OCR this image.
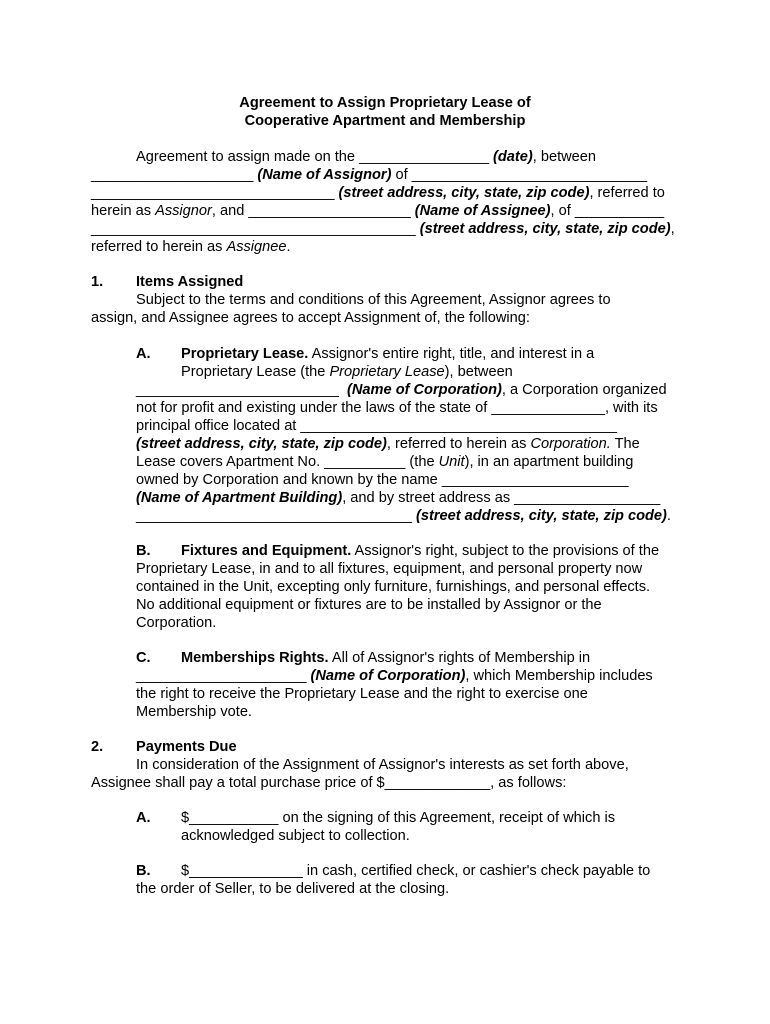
Agreement to Assign Proprietary Lease of
Cooperative Apartment and Membership
Agreement to assign made on the ________________ (date), between
____________________ (Name of Assignor) of _____________________________
______________________________ (street address, city, state, zip code), referred to
herein as Assignor, and ____________________ (Name of Assignee), of ___________
________________________________________ (street address, city, state, zip code),
referred to herein as Assignee.
1. Items Assigned
Subject to the terms and conditions of this Agreement, Assignor agrees to
assign, and Assignee agrees to accept Assignment of, the following:
A. Proprietary Lease. Assignor's entire right, title, and interest in a
Proprietary Lease (the Proprietary Lease), between
_________________________  (Name of Corporation), a Corporation organized
not for profit and existing under the laws of the state of ______________, with its
principal office located at _______________________________________
(street address, city, state, zip code), referred to herein as Corporation. The
Lease covers Apartment No. __________ (the Unit), in an apartment building
owned by Corporation and known by the name _______________________
(Name of Apartment Building), and by street address as __________________
__________________________________ (street address, city, state, zip code).
B. Fixtures and Equipment. Assignor's right, subject to the provisions of the
Proprietary Lease, in and to all fixtures, equipment, and personal property now
contained in the Unit, excepting only furniture, furnishings, and personal effects.
No additional equipment or fixtures are to be installed by Assignor or the
Corporation.
C. Memberships Rights. All of Assignor's rights of Membership in
_____________________ (Name of Corporation), which Membership includes
the right to receive the Proprietary Lease and the right to exercise one
Membership vote.
2. Payments Due
In consideration of the Assignment of Assignor's interests as set forth above,
Assignee shall pay a total purchase price of $_____________, as follows:
A. $___________ on the signing of this Agreement, receipt of which is
acknowledged subject to collection.
B. $______________ in cash, certified check, or cashier's check payable to
the order of Seller, to be delivered at the closing.
